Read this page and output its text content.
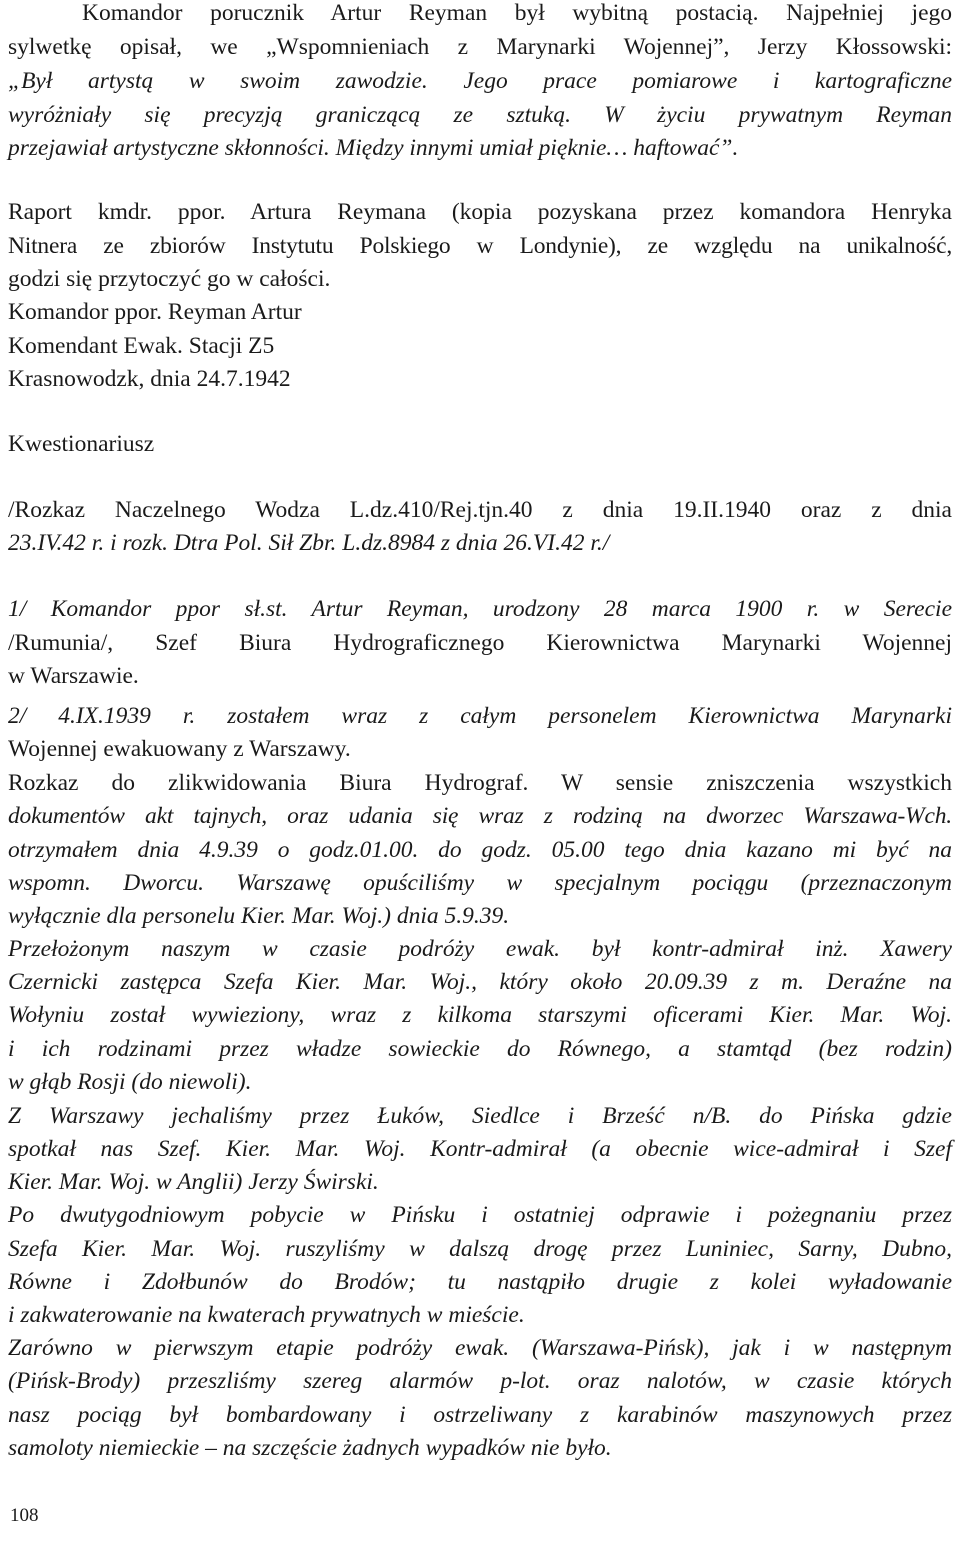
Komandor porucznik Artur Reyman był wybitną postacią. Najpełniej jego
sylwetkę opisał, we „Wspomnieniach z Marynarki Wojennej”, Jerzy Kłossowski:
„Był artystą w swoim zawodzie. Jego prace pomiarowe i kartograficzne
wyróżniały się precyzją graniczącą ze sztuką. W życiu prywatnym Reyman
przejawiał artystyczne skłonności. Między innymi umiał pięknie… haftować”.
Raport kmdr. ppor. Artura Reymana (kopia pozyskana przez komandora Henryka
Nitnera ze zbiorów Instytutu Polskiego w Londynie), ze względu na unikalność,
godzi się przytoczyć go w całości.
Komandor ppor. Reyman Artur
Komendant Ewak. Stacji Z5
Krasnowodzk, dnia 24.7.1942
Kwestionariusz
/Rozkaz Naczelnego Wodza L.dz.410/Rej.tjn.40 z dnia 19.II.1940 oraz z dnia
23.IV.42 r. i rozk. Dtra Pol. Sił Zbr. L.dz.8984 z dnia 26.VI.42 r./
1/ Komandor ppor sł.st. Artur Reyman, urodzony 28 marca 1900 r. w Serecie
/Rumunia/, Szef Biura Hydrograficznego Kierownictwa Marynarki Wojennej
w Warszawie.
2/ 4.IX.1939 r. zostałem wraz z całym personelem Kierownictwa Marynarki
Wojennej ewakuowany z Warszawy.
Rozkaz do zlikwidowania Biura Hydrograf. W sensie zniszczenia wszystkich
dokumentów akt tajnych, oraz udania się wraz z rodziną na dworzec Warszawa-Wch.
otrzymałem dnia 4.9.39 o godz.01.00. do godz. 05.00 tego dnia kazano mi być na
wspomn. Dworcu. Warszawę opuściliśmy w specjalnym pociągu (przeznaczonym
wyłącznie dla personelu Kier. Mar. Woj.) dnia 5.9.39.
Przełożonym naszym w czasie podróży ewak. był kontr-admirał inż. Xawery
Czernicki zastępca Szefa Kier. Mar. Woj., który około 20.09.39 z m. Deraźne na
Wołyniu został wywieziony, wraz z kilkoma starszymi oficerami Kier. Mar. Woj.
i ich rodzinami przez władze sowieckie do Równego, a stamtąd (bez rodzin)
w głąb Rosji (do niewoli).
Z Warszawy jechaliśmy przez Łuków, Siedlce i Brześć n/B. do Pińska gdzie
spotkał nas Szef. Kier. Mar. Woj. Kontr-admirał (a obecnie wice-admirał i Szef
Kier. Mar. Woj. w Anglii) Jerzy Świrski.
Po dwutygodniowym pobycie w Pińsku i ostatniej odprawie i pożegnaniu przez
Szefa Kier. Mar. Woj. ruszyliśmy w dalszą drogę przez Luniniec, Sarny, Dubno,
Równe i Zdołbunów do Brodów; tu nastąpiło drugie z kolei wyładowanie
i zakwaterowanie na kwaterach prywatnych w mieście.
Zarówno w pierwszym etapie podróży ewak. (Warszawa-Pińsk), jak i w następnym
(Pińsk-Brody) przeszliśmy szereg alarmów p-lot. oraz nalotów, w czasie których
nasz pociąg był bombardowany i ostrzeliwany z karabinów maszynowych przez
samoloty niemieckie – na szczęście żadnych wypadków nie było.
108
